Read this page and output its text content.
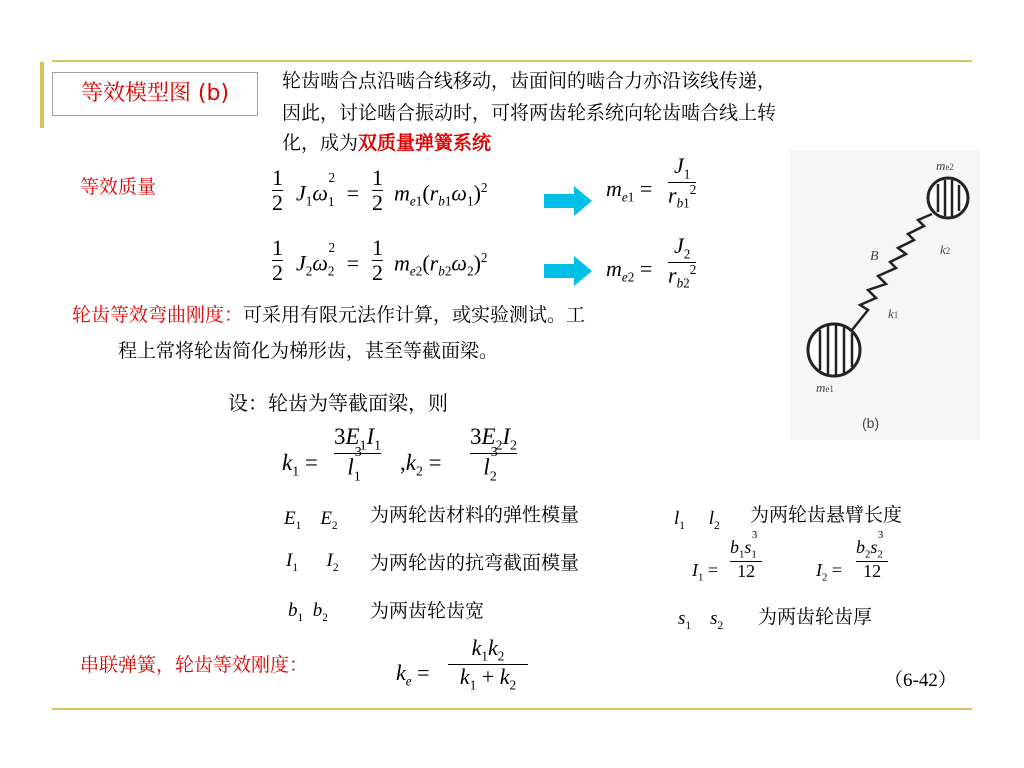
等效模型图 (b)	轮齿啮合点沿啮合线移动，齿面间的啮合力亦沿该线传递，
因此，讨论啮合振动时，可将两齿轮系统向轮齿啮合线上转
化，成为双质量弹簧系统
等效质量	1
2 $J_1\omega_1^2$ =
1
2 $m_{e1}(r_{b1}\omega_1)^2$	$m_{e1}$ =
$J_1$
$r_{b1}^2$
1
2 $J_2\omega_2^2$ =
1
2 $m_{e2}(r_{b2}\omega_2)^2$	$m_{e2}$ =
$J_2$
$r_{b2}^2$
B
k1
k2
me2
me1
(b)
轮齿等效弯曲刚度：可采用有限元法作计算，或实验测试。工
程上常将轮齿简化为梯形齿，甚至等截面梁。
设：轮齿为等截面梁，则
$k_1$ =
$3E_1I_1$
$l_1^3$ $,k_2$ =
$3E_2I_2$
$l_2^3$
$E_1$ $E_2$ 为两轮齿材料的弹性模量	$l_1$ $l_2$ 为两轮齿悬臂长度
$I_1$ $I_2$ 为两轮齿的抗弯截面模量	$I_1$ =
$b_1s_1^3$
12	$I_2$ =
$b_2s_2^3$
12
$b_1$ $b_2$ 为两齿轮齿宽	$s_1$ $s_2$ 为两齿轮齿厚
串联弹簧，轮齿等效刚度：	$k_e$ =
$k_1k_2$
$k_1 + k_2$	（6-42）
